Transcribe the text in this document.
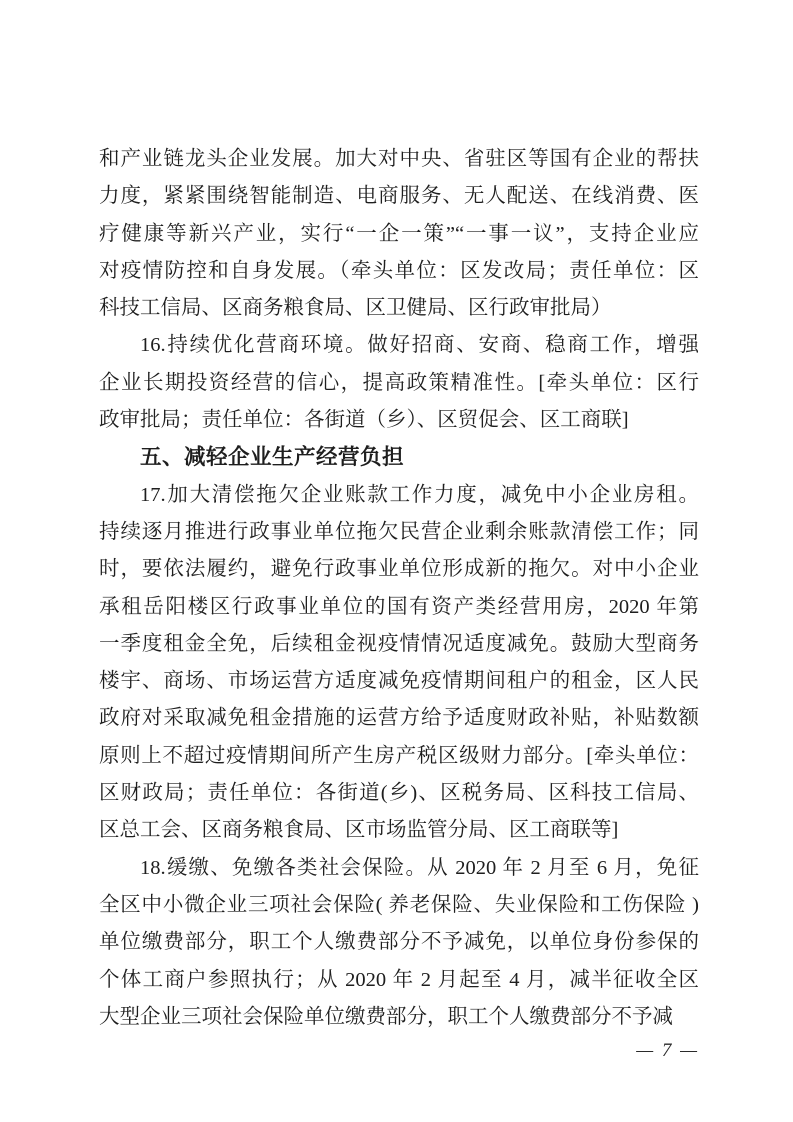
和产业链龙头企业发展。加大对中央、省驻区等国有企业的帮扶
力度，紧紧围绕智能制造、电商服务、无人配送、在线消费、医
疗健康等新兴产业，实行“一企一策”“一事一议”，支持企业应
对疫情防控和自身发展。（牵头单位：区发改局；责任单位：区
科技工信局、区商务粮食局、区卫健局、区行政审批局）
16.持续优化营商环境。做好招商、安商、稳商工作，增强
企业长期投资经营的信心，提高政策精准性。[牵头单位：区行
政审批局；责任单位：各街道（乡）、区贸促会、区工商联]
五、减轻企业生产经营负担
17.加大清偿拖欠企业账款工作力度，减免中小企业房租。
持续逐月推进行政事业单位拖欠民营企业剩余账款清偿工作；同
时，要依法履约，避免行政事业单位形成新的拖欠。对中小企业
承租岳阳楼区行政事业单位的国有资产类经营用房，2020 年第
一季度租金全免，后续租金视疫情情况适度减免。鼓励大型商务
楼宇、商场、市场运营方适度减免疫情期间租户的租金，区人民
政府对采取减免租金措施的运营方给予适度财政补贴，补贴数额
原则上不超过疫情期间所产生房产税区级财力部分。[牵头单位：
区财政局；责任单位：各街道(乡)、区税务局、区科技工信局、
区总工会、区商务粮食局、区市场监管分局、区工商联等]
18.缓缴、免缴各类社会保险。从 2020 年 2 月至 6 月，免征
全区中小微企业三项社会保险( 养老保险、失业保险和工伤保险 )
单位缴费部分，职工个人缴费部分不予减免，以单位身份参保的
个体工商户参照执行；从 2020 年 2 月起至 4 月，减半征收全区
大型企业三项社会保险单位缴费部分，职工个人缴费部分不予减
— 7 —
